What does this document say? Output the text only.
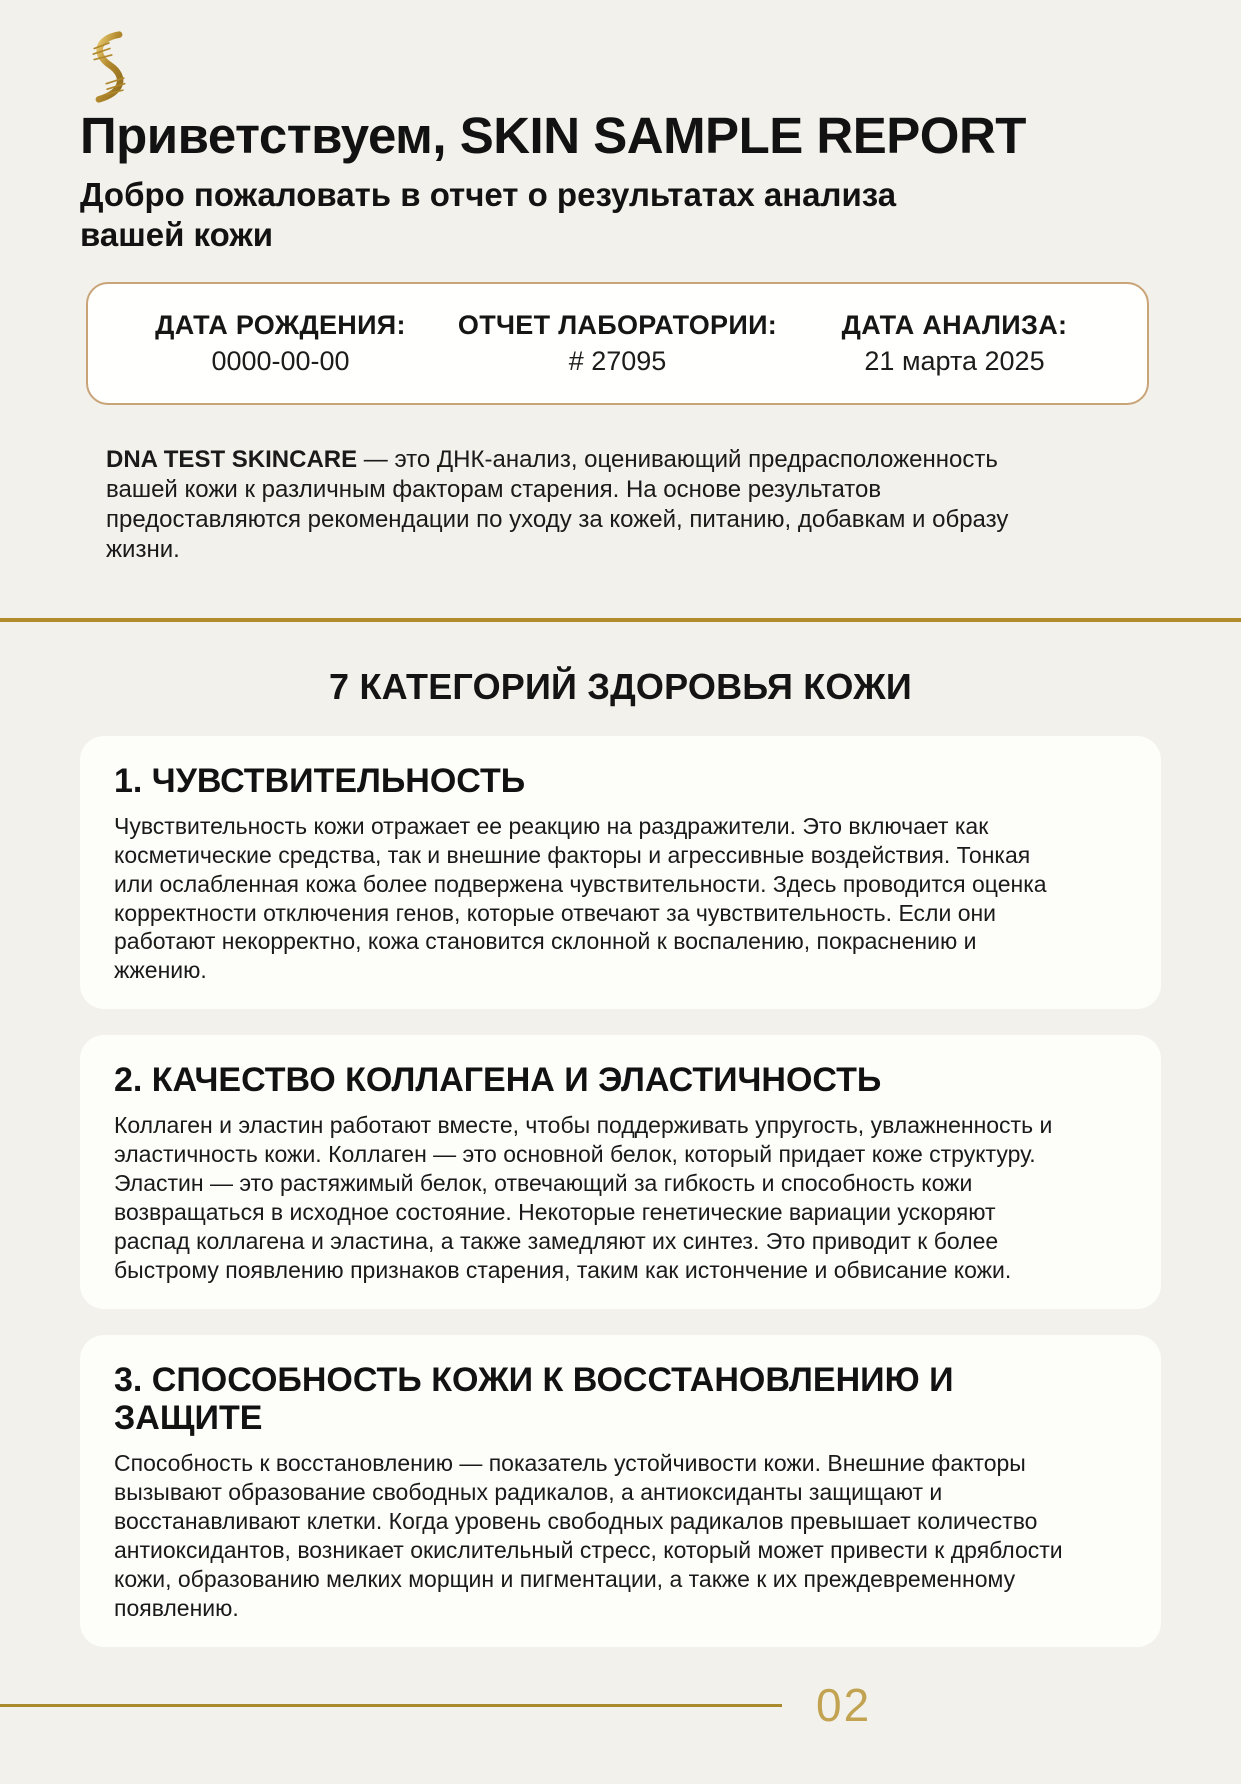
Приветствуем, SKIN SAMPLE REPORT
Добро пожаловать в отчет о результатах анализа вашей кожи
ДАТА РОЖДЕНИЯ:
0000-00-00
ОТЧЕТ ЛАБОРАТОРИИ:
# 27095
ДАТА АНАЛИЗА:
21 марта 2025

DNA TEST SKINCARE — это ДНК-анализ, оценивающий предрасположенность вашей кожи к различным факторам старения. На основе результатов предоставляются рекомендации по уходу за кожей, питанию, добавкам и образу жизни.

7 КАТЕГОРИЙ ЗДОРОВЬЯ КОЖИ
1. ЧУВСТВИТЕЛЬНОСТЬ

Чувствительность кожи отражает ее реакцию на раздражители. Это включает как косметические средства, так и внешние факторы и агрессивные воздействия. Тонкая или ослабленная кожа более подвержена чувствительности. Здесь проводится оценка корректности отключения генов, которые отвечают за чувствительность. Если они работают некорректно, кожа становится склонной к воспалению, покраснению и жжению.

2. КАЧЕСТВО КОЛЛАГЕНА И ЭЛАСТИЧНОСТЬ

Коллаген и эластин работают вместе, чтобы поддерживать упругость, увлажненность и эластичность кожи. Коллаген — это основной белок, который придает коже структуру. Эластин — это растяжимый белок, отвечающий за гибкость и способность кожи возвращаться в исходное состояние. Некоторые генетические вариации ускоряют распад коллагена и эластина, а также замедляют их синтез. Это приводит к более быстрому появлению признаков старения, таким как истончение и обвисание кожи.

3. СПОСОБНОСТЬ КОЖИ К ВОССТАНОВЛЕНИЮ И ЗАЩИТЕ

Способность к восстановлению — показатель устойчивости кожи. Внешние факторы вызывают образование свободных радикалов, а антиоксиданты защищают и восстанавливают клетки. Когда уровень свободных радикалов превышает количество антиоксидантов, возникает окислительный стресс, который может привести к дряблости кожи, образованию мелких морщин и пигментации, а также к их преждевременному появлению.

02
